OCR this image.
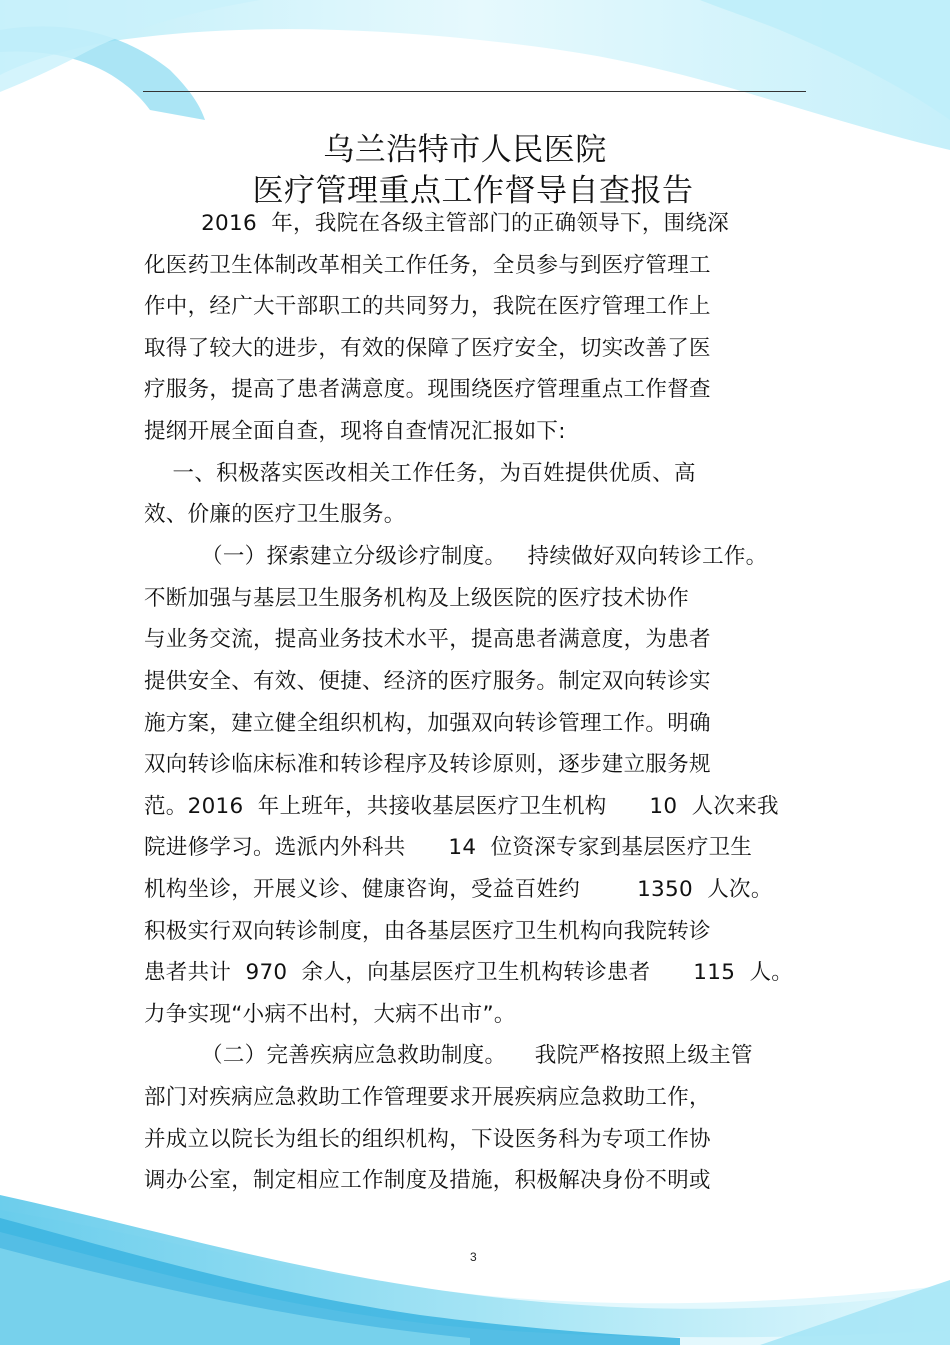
乌兰浩特市人民医院
医疗管理重点工作督导自查报告
2016  年，我院在各级主管部门的正确领导下，围绕深
化医药卫生体制改革相关工作任务，全员参与到医疗管理工
作中，经广大干部职工的共同努力，我院在医疗管理工作上
取得了较大的进步，有效的保障了医疗安全，切实改善了医
疗服务，提高了患者满意度。现围绕医疗管理重点工作督查
提纲开展全面自查，现将自查情况汇报如下:
一、积极落实医改相关工作任务，为百姓提供优质、高
效、价廉的医疗卫生服务。
（一）探索建立分级诊疗制度。   持续做好双向转诊工作。
不断加强与基层卫生服务机构及上级医院的医疗技术协作
与业务交流，提高业务技术水平，提高患者满意度，为患者
提供安全、有效、便捷、经济的医疗服务。制定双向转诊实
施方案，建立健全组织机构，加强双向转诊管理工作。明确
双向转诊临床标准和转诊程序及转诊原则，逐步建立服务规
范。2016  年上班年，共接收基层医疗卫生机构      10  人次来我
院进修学习。选派内外科共      14  位资深专家到基层医疗卫生
机构坐诊，开展义诊、健康咨询，受益百姓约        1350  人次。
积极实行双向转诊制度，由各基层医疗卫生机构向我院转诊
患者共计  970  余人，向基层医疗卫生机构转诊患者      115  人。
力争实现“小病不出村，大病不出市”。
（二）完善疾病应急救助制度。    我院严格按照上级主管
部门对疾病应急救助工作管理要求开展疾病应急救助工作，
并成立以院长为组长的组织机构，下设医务科为专项工作协
调办公室，制定相应工作制度及措施，积极解决身份不明或
3
